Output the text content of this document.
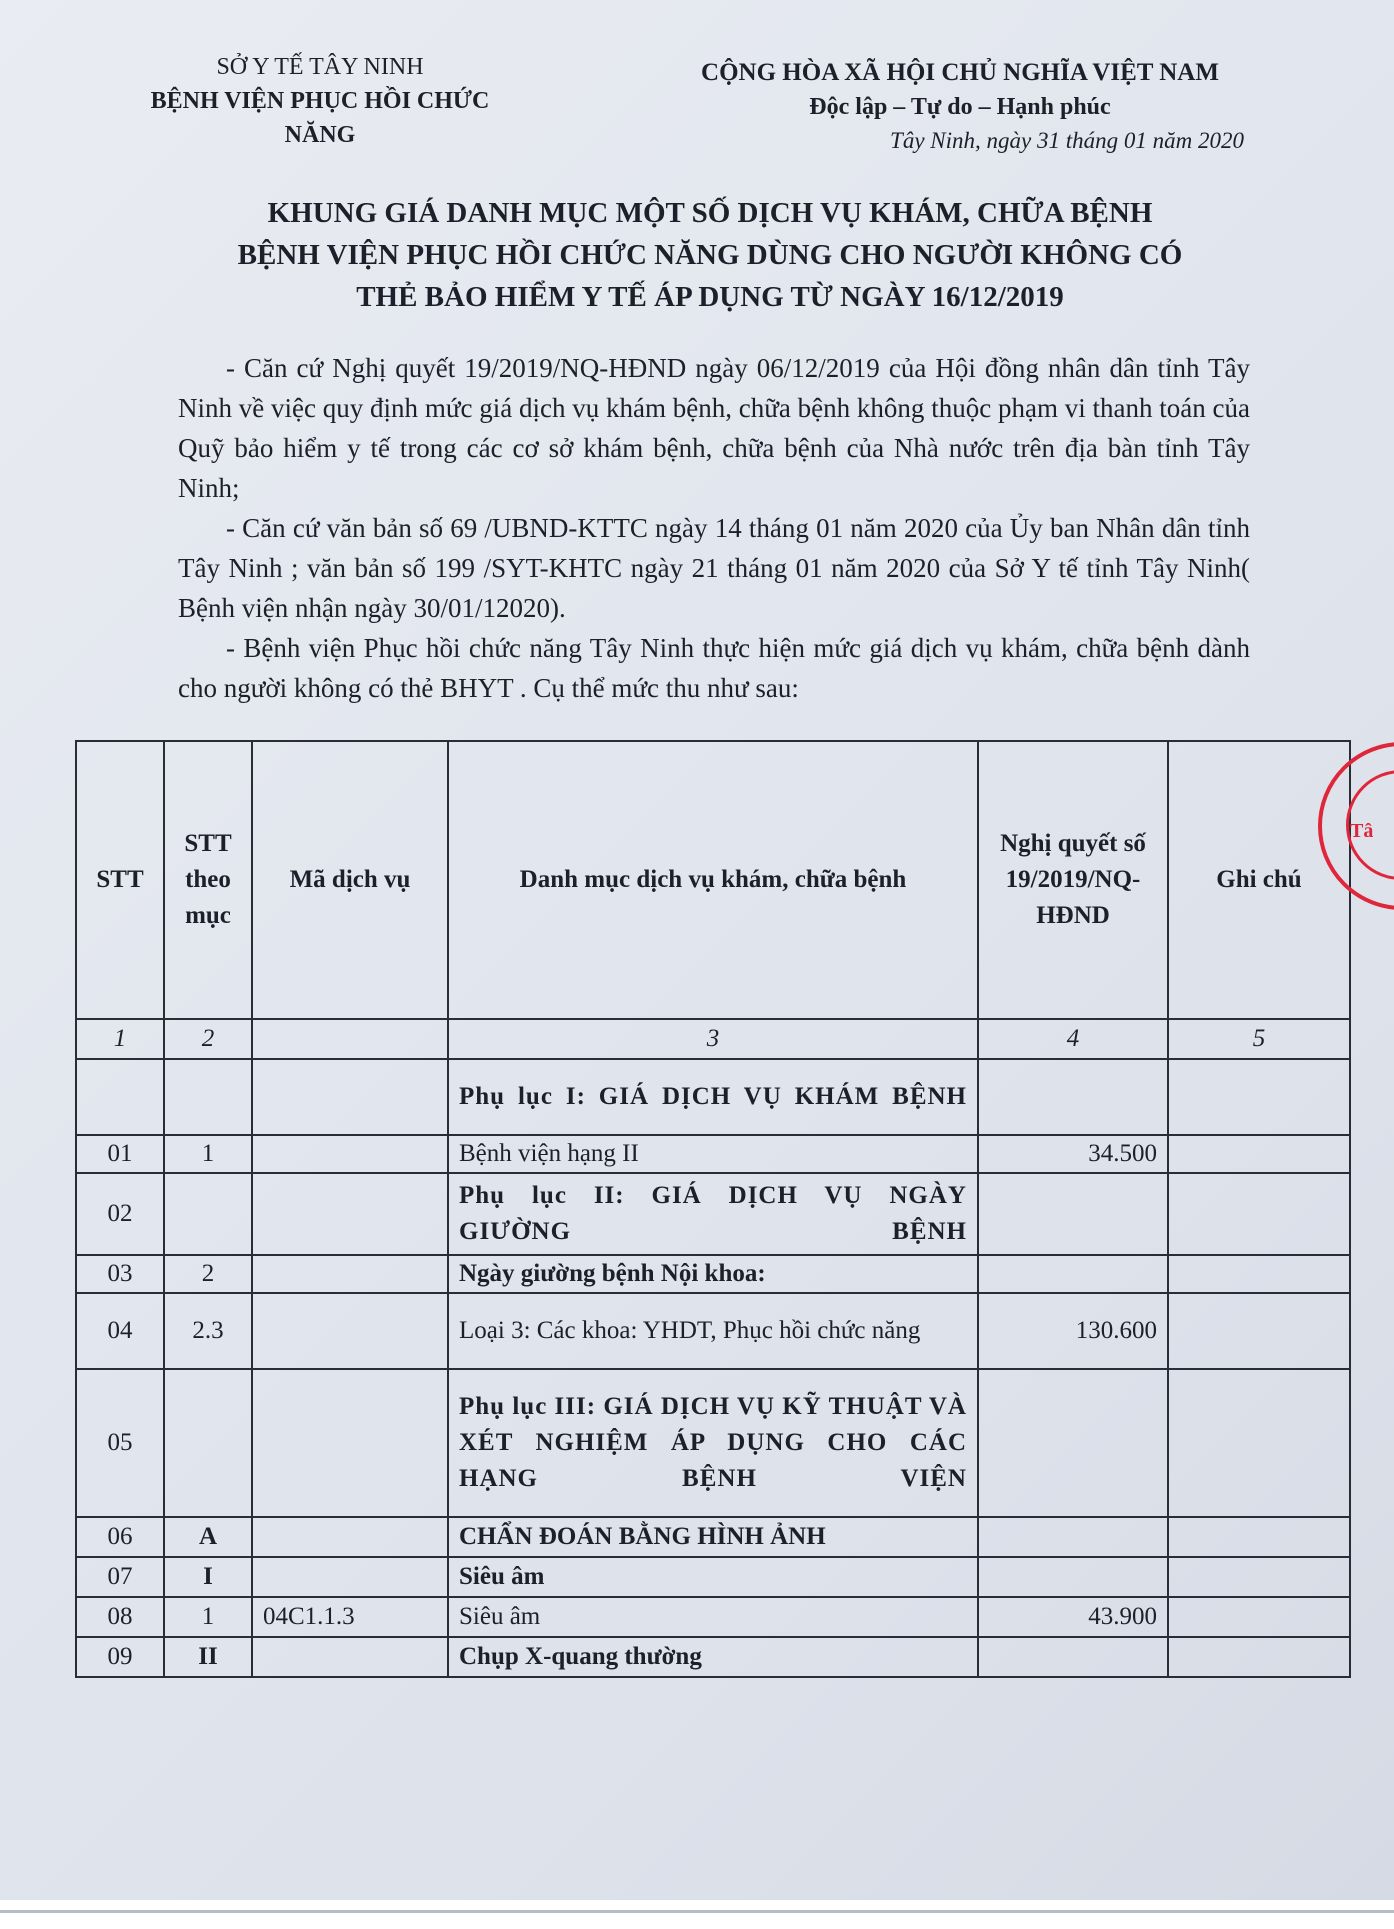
SỞ Y TẾ TÂY NINH
BỆNH VIỆN PHỤC HỒI CHỨC NĂNG
CỘNG HÒA XÃ HỘI CHỦ NGHĨA VIỆT NAM
Độc lập – Tự do – Hạnh phúc
Tây Ninh, ngày 31 tháng 01 năm 2020
KHUNG GIÁ DANH MỤC MỘT SỐ DỊCH VỤ KHÁM, CHỮA BỆNH
BỆNH VIỆN PHỤC HỒI CHỨC NĂNG DÙNG CHO NGƯỜI KHÔNG CÓ
THẺ BẢO HIỂM Y TẾ ÁP DỤNG TỪ NGÀY 16/12/2019

- Căn cứ Nghị quyết 19/2019/NQ-HĐND ngày 06/12/2019 của Hội đồng nhân dân tỉnh Tây Ninh về việc quy định mức giá dịch vụ khám bệnh, chữa bệnh không thuộc phạm vi thanh toán của Quỹ bảo hiểm y tế trong các cơ sở khám bệnh, chữa bệnh của Nhà nước trên địa bàn tỉnh Tây Ninh;

- Căn cứ văn bản số 69 /UBND-KTTC ngày 14 tháng 01 năm 2020 của Ủy ban Nhân dân tỉnh Tây Ninh ; văn bản số 199 /SYT-KHTC ngày 21 tháng 01 năm 2020 của Sở Y tế tỉnh Tây Ninh( Bệnh viện nhận ngày 30/01/12020).

- Bệnh viện Phục hồi chức năng Tây Ninh thực hiện mức giá dịch vụ khám, chữa bệnh dành cho người không có thẻ BHYT . Cụ thể mức thu như sau:

STT	STT theo mục	Mã dịch vụ	Danh mục dịch vụ khám, chữa bệnh	Nghị quyết số 19/2019/NQ-HĐND	Ghi chú
1	2		3	4	5
			Phụ lục I: GIÁ DỊCH VỤ KHÁM BỆNH		
01	1		Bệnh viện hạng II	34.500	
02			Phụ lục II: GIÁ DỊCH VỤ NGÀY GIƯỜNG BỆNH		
03	2		Ngày giường bệnh Nội khoa:		
04	2.3		Loại 3: Các khoa: YHDT, Phục hồi chức năng	130.600	
05			Phụ lục III: GIÁ DỊCH VỤ KỸ THUẬT VÀ XÉT NGHIỆM ÁP DỤNG CHO CÁC HẠNG BỆNH VIỆN		
06	A		CHẨN ĐOÁN BẰNG HÌNH ẢNH		
07	I		Siêu âm		
08	1	04C1.1.3	Siêu âm	43.900	
09	II		Chụp X-quang thường		
Tâ
